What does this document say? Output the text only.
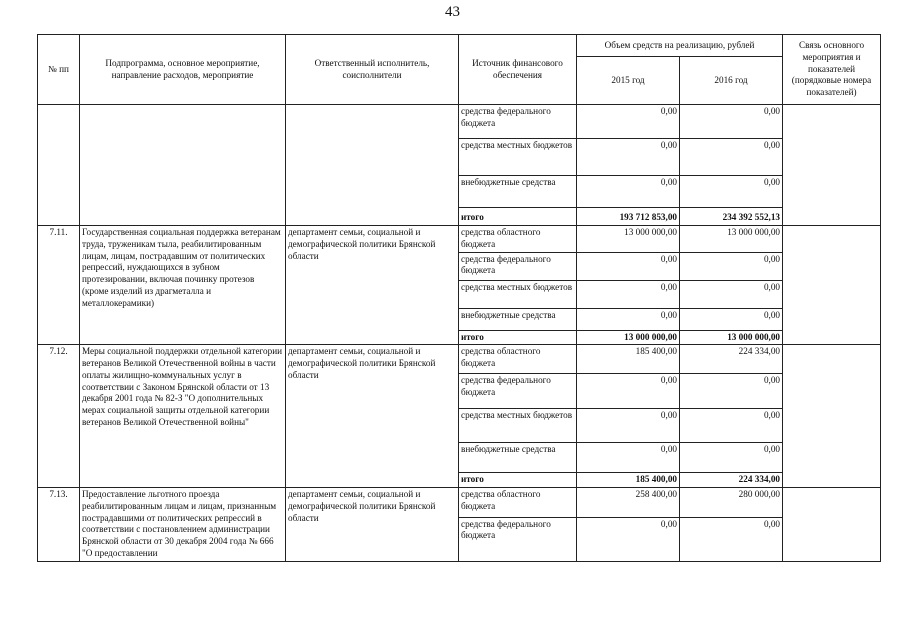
43
№ пп	Подпрограмма, основное мероприятие, направление расходов, мероприятие	Ответственный исполнитель, соисполнители	Источник финансового обеспечения	Объем средств на реализацию, рублей		Связь основного мероприятия и показателей (порядковые номера показателей)
				2015 год	2016 год	
			средства федерального бюджета	0,00	0,00	
			средства местных бюджетов	0,00	0,00	
			внебюджетные средства	0,00	0,00	
			итого	193 712 853,00	234 392 552,13	
7.11.	Государственная социальная поддержка ветеранам труда, труженикам тыла, реабилитированным лицам, лицам, пострадавшим от политических репрессий, нуждающихся в зубном протезировании, включая починку протезов (кроме изделий из драгметалла и металлокерамики)	департамент семьи, социальной и демографической политики Брянской области	средства областного бюджета	13 000 000,00	13 000 000,00	
			средства федерального бюджета	0,00	0,00	
			средства местных бюджетов	0,00	0,00	
			внебюджетные средства	0,00	0,00	
			итого	13 000 000,00	13 000 000,00	
7.12.	Меры социальной поддержки отдельной категории ветеранов Великой Отечественной войны в части оплаты жилищно-коммунальных услуг в соответствии с Законом Брянской области от 13 декабря 2001 года № 82-З "О дополнительных мерах социальной защиты отдельной категории ветеранов Великой Отечественной войны"	департамент семьи, социальной и демографической политики Брянской области	средства областного бюджета	185 400,00	224 334,00	
			средства федерального бюджета	0,00	0,00	
			средства местных бюджетов	0,00	0,00	
			внебюджетные средства	0,00	0,00	
			итого	185 400,00	224 334,00	
7.13.	Предоставление льготного проезда реабилитированным лицам и лицам, признанным пострадавшими от политических репрессий в соответствии с постановлением администрации Брянской области от 30 декабря 2004 года № 666 "О предоставлении	департамент семьи, социальной и демографической политики Брянской области	средства областного бюджета	258 400,00	280 000,00	
			средства федерального бюджета	0,00	0,00	
